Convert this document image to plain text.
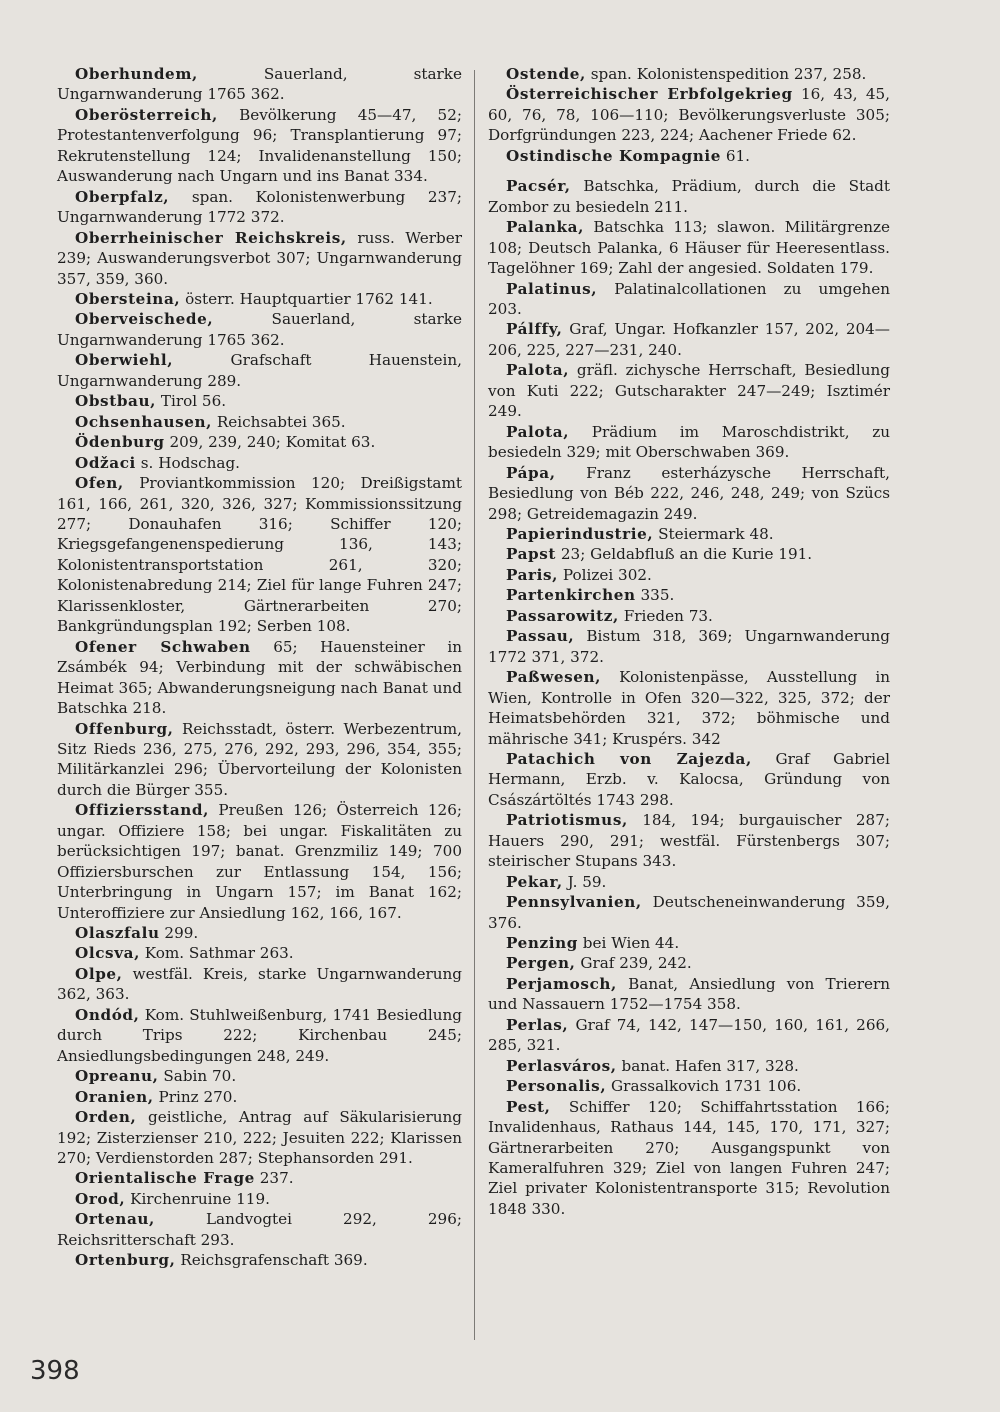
Oberhundem, Sauerland, starke Ungarnwanderung 1765 362.

Oberösterreich, Bevölkerung 45—47, 52; Protestantenverfolgung 96; Transplantierung 97; Rekrutenstellung 124; Invalidenanstellung 150; Auswanderung nach Ungarn und ins Banat 334.

Oberpfalz, span. Kolonistenwerbung 237; Ungarnwanderung 1772 372.

Oberrheinischer Reichskreis, russ. Werber 239; Auswanderungsverbot 307; Ungarnwanderung 357, 359, 360.

Obersteina, österr. Hauptquartier 1762 141.

Oberveischede, Sauerland, starke Ungarnwanderung 1765 362.

Oberwiehl, Grafschaft Hauenstein, Ungarnwanderung 289.

Obstbau, Tirol 56.

Ochsenhausen, Reichsabtei 365.

Ödenburg 209, 239, 240; Komitat 63.

Odžaci s. Hodschag.

Ofen, Proviantkommission 120; Dreißigstamt 161, 166, 261, 320, 326, 327; Kommissionssitzung 277; Donauhafen 316; Schiffer 120; Kriegsgefangenenspedierung 136, 143; Kolonistentransportstation 261, 320; Kolonistenabredung 214; Ziel für lange Fuhren 247; Klarissenkloster, Gärtnerarbeiten 270; Bankgründungsplan 192; Serben 108.

Ofener Schwaben 65; Hauensteiner in Zsámbék 94; Verbindung mit der schwäbischen Heimat 365; Abwanderungsneigung nach Banat und Batschka 218.

Offenburg, Reichsstadt, österr. Werbezentrum, Sitz Rieds 236, 275, 276, 292, 293, 296, 354, 355; Militärkanzlei 296; Übervorteilung der Kolonisten durch die Bürger 355.

Offiziersstand, Preußen 126; Österreich 126; ungar. Offiziere 158; bei ungar. Fiskalitäten zu berücksichtigen 197; banat. Grenzmiliz 149; 700 Offiziersburschen zur Entlassung 154, 156; Unterbringung in Ungarn 157; im Banat 162; Unteroffiziere zur Ansiedlung 162, 166, 167.

Olaszfalu 299.

Olcsva, Kom. Sathmar 263.

Olpe, westfäl. Kreis, starke Ungarnwanderung 362, 363.

Ondód, Kom. Stuhlweißenburg, 1741 Besiedlung durch Trips 222; Kirchenbau 245; Ansiedlungsbedingungen 248, 249.

Opreanu, Sabin 70.

Oranien, Prinz 270.

Orden, geistliche, Antrag auf Säkularisierung 192; Zisterzienser 210, 222; Jesuiten 222; Klarissen 270; Verdienstorden 287; Stephansorden 291.

Orientalische Frage 237.

Orod, Kirchenruine 119.

Ortenau, Landvogtei 292, 296; Reichsritterschaft 293.

Ortenburg, Reichsgrafenschaft 369.

Ostende, span. Kolonistenspedition 237, 258.

Österreichischer Erbfolgekrieg 16, 43, 45, 60, 76, 78, 106—110; Bevölkerungsverluste 305; Dorfgründungen 223, 224; Aachener Friede 62.

Ostindische Kompagnie 61.

Pacsér, Batschka, Prädium, durch die Stadt Zombor zu besiedeln 211.

Palanka, Batschka 113; slawon. Militärgrenze 108; Deutsch Palanka, 6 Häuser für Heeresentlass. Tagelöhner 169; Zahl der angesied. Soldaten 179.

Palatinus, Palatinalcollationen zu umgehen 203.

Pálffy, Graf, Ungar. Hofkanzler 157, 202, 204—206, 225, 227—231, 240.

Palota, gräfl. zichysche Herrschaft, Besiedlung von Kuti 222; Gutscharakter 247—249; Isztimér 249.

Palota, Prädium im Maroschdistrikt, zu besiedeln 329; mit Oberschwaben 369.

Pápa, Franz esterházysche Herrschaft, Besiedlung von Béb 222, 246, 248, 249; von Szücs 298; Getreidemagazin 249.

Papierindustrie, Steiermark 48.

Papst 23; Geldabfluß an die Kurie 191.

Paris, Polizei 302.

Partenkirchen 335.

Passarowitz, Frieden 73.

Passau, Bistum 318, 369; Ungarnwanderung 1772 371, 372.

Paßwesen, Kolonistenpässe, Ausstellung in Wien, Kontrolle in Ofen 320—322, 325, 372; der Heimatsbehörden 321, 372; böhmische und mährische 341; Kruspérs. 342

Patachich von Zajezda, Graf Gabriel Hermann, Erzb. v. Kalocsa, Gründung von Császártöltés 1743 298.

Patriotismus, 184, 194; burgauischer 287; Hauers 290, 291; westfäl. Fürstenbergs 307; steirischer Stupans 343.

Pekar, J. 59.

Pennsylvanien, Deutscheneinwanderung 359, 376.

Penzing bei Wien 44.

Pergen, Graf 239, 242.

Perjamosch, Banat, Ansiedlung von Trierern und Nassauern 1752—1754 358.

Perlas, Graf 74, 142, 147—150, 160, 161, 266, 285, 321.

Perlasváros, banat. Hafen 317, 328.

Personalis, Grassalkovich 1731 106.

Pest, Schiffer 120; Schiffahrtsstation 166; Invalidenhaus, Rathaus 144, 145, 170, 171, 327; Gärtnerarbeiten 270; Ausgangspunkt von Kameralfuhren 329; Ziel von langen Fuhren 247; Ziel privater Kolonistentransporte 315; Revolution 1848 330.

398
